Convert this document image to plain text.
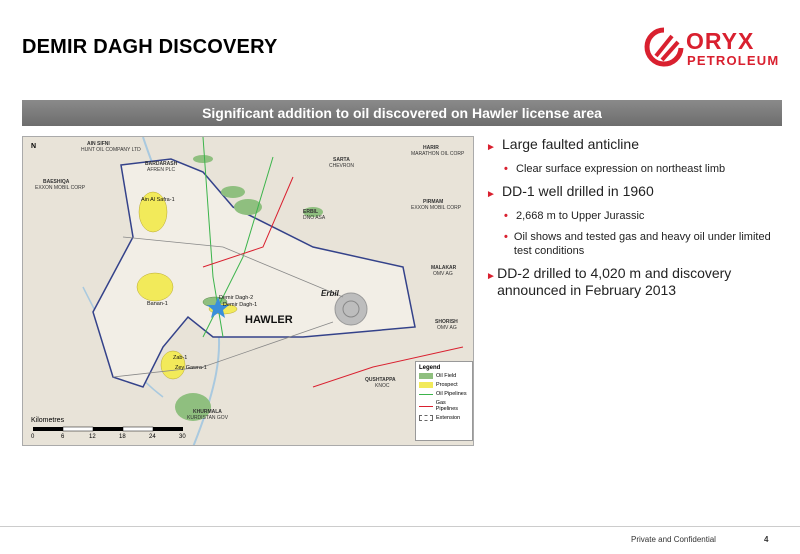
DEMIR DAGH DISCOVERY	ORYX
PETROLEUM
Significant addition to oil discovered on Hawler license area
N	AIN SIFNI
HUNT OIL COMPANY LTD
BARDARASH
AFREN PLC
BAESHIQA
EXXON MOBIL CORP
SARTA
CHEVRON
HARIR
MARATHON OIL CORP
PIRMAM
EXXON MOBIL CORP
ERBIL
DNO ASA
MALAKAR
OMV AG
SHORISH
OMV AG
QUSHTAPPA
KNOC
KHURMALA
KURDISTAN GOV
Ain Al Safra-1
Banan-1
Demir Dagh-2
Demir Dagh-1
Zab-1
Zey Gawra-1
HAWLER
Erbil
Legend
Oil Field
Prospect
Oil Pipelines
Gas Pipelines
Extension
Kilometres
0	6	12	18	24	30
► Large faulted anticline
• Clear surface expression on northeast limb
► DD-1 well drilled in 1960
• 2,668 m to Upper Jurassic
• Oil shows and tested gas and heavy oil under limited test conditions
► DD-2 drilled to 4,020 m and discovery announced in February 2013
Private and Confidential	4
